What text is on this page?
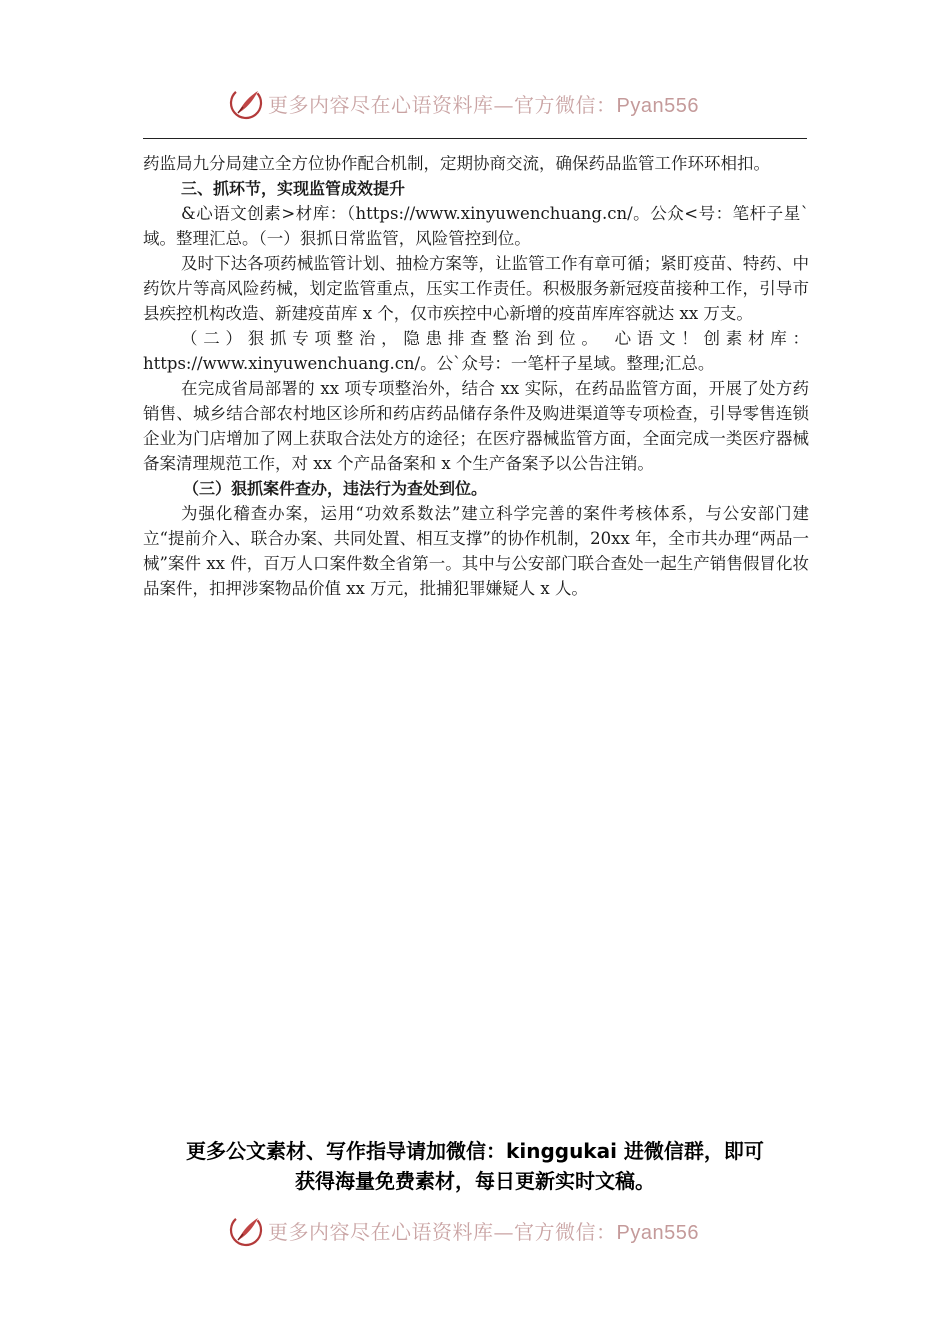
更多内容尽在心语资料库—官方微信：Pyan556

药监局九分局建立全方位协作配合机制，定期协商交流，确保药品监管工作环环相扣。

三、抓环节，实现监管成效提升

&心语文创素>材库：（https://www.xinyuwenchuang.cn/。公众<号：笔杆子星`域。整理汇总。（一）狠抓日常监管，风险管控到位。

及时下达各项药械监管计划、抽检方案等，让监管工作有章可循；紧盯疫苗、特药、中药饮片等高风险药械，划定监管重点，压实工作责任。积极服务新冠疫苗接种工作，引导市县疾控机构改造、新建疫苗库 x 个，仅市疾控中心新增的疫苗库库容就达 xx 万支。

（二）狠抓专项整治，隐患排查整治到位。 心语文！创素材库：https://www.xinyuwenchuang.cn/。公`众号：一笔杆子星域。整理;汇总。

在完成省局部署的 xx 项专项整治外，结合 xx 实际，在药品监管方面，开展了处方药销售、城乡结合部农村地区诊所和药店药品储存条件及购进渠道等专项检查，引导零售连锁企业为门店增加了网上获取合法处方的途径；在医疗器械监管方面，全面完成一类医疗器械备案清理规范工作，对 xx 个产品备案和 x 个生产备案予以公告注销。

（三）狠抓案件查办，违法行为查处到位。

为强化稽查办案，运用“功效系数法”建立科学完善的案件考核体系，与公安部门建立“提前介入、联合办案、共同处置、相互支撑”的协作机制，20xx 年，全市共办理“两品一械”案件 xx 件，百万人口案件数全省第一。其中与公安部门联合查处一起生产销售假冒化妆品案件，扣押涉案物品价值 xx 万元，批捕犯罪嫌疑人 x 人。

更多公文素材、写作指导请加微信：kinggukai 进微信群，即可
获得海量免费素材，每日更新实时文稿。
更多内容尽在心语资料库—官方微信：Pyan556
